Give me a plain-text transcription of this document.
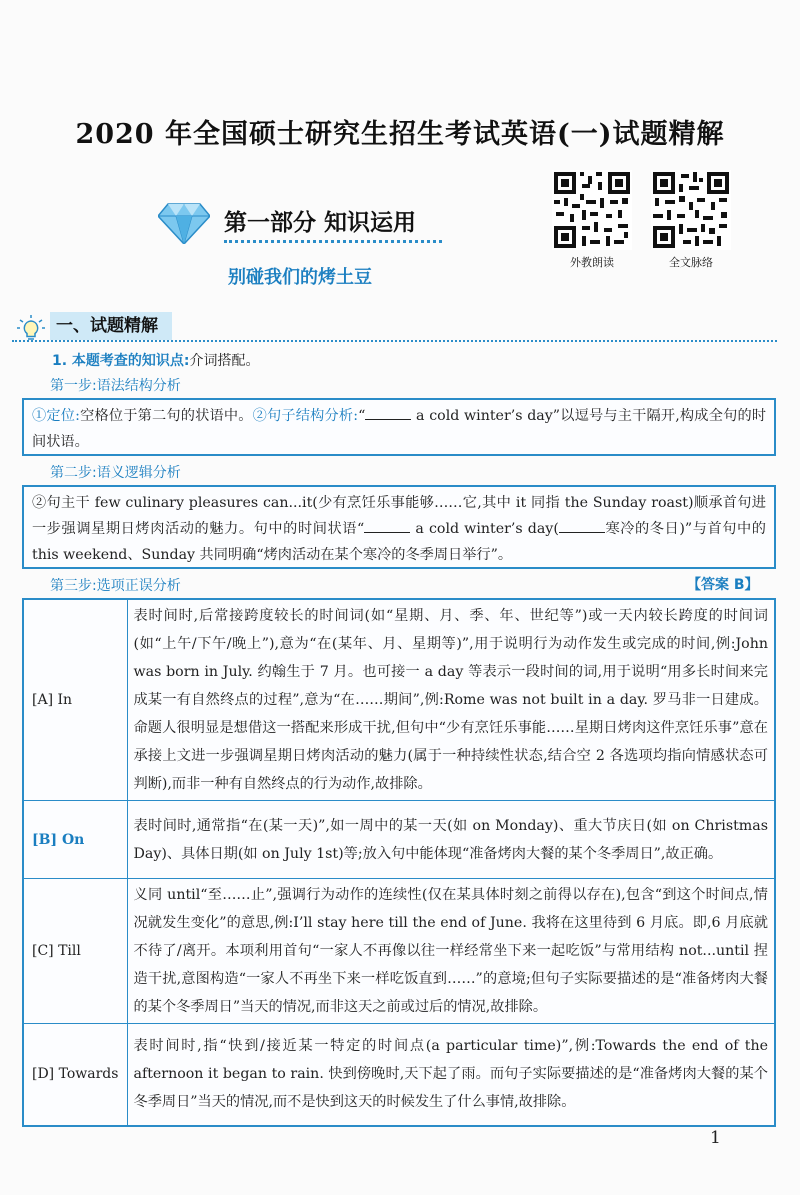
2020 年全国硕士研究生招生考试英语(一)试题精解
第一部分 知识运用
别碰我们的烤土豆
外教朗读	全文脉络
一、试题精解
1. 本题考查的知识点:介词搭配。
第一步:语法结构分析
①定位:空格位于第二句的状语中。②句子结构分析:“	a cold winter’s day”以逗号与主干隔开,构成全句的时间状语。
第二步:语义逻辑分析
②句主干 few culinary pleasures can...it(少有烹饪乐事能够……它,其中 it 同指 the Sunday roast)顺承首句进一步强调星期日烤肉活动的魅力。句中的时间状语“	a cold winter’s day(	寒冷的冬日)”与首句中的 this weekend、Sunday 共同明确“烤肉活动在某个寒冷的冬季周日举行”。
第三步:选项正误分析	【答案 B】
[A] In	表时间时,后常接跨度较长的时间词(如“星期、月、季、年、世纪等”)或一天内较长跨度的时间词(如“上午/下午/晚上”),意为“在(某年、月、星期等)”,用于说明行为动作发生或完成的时间,例:John was born in July. 约翰生于 7 月。也可接一 a day 等表示一段时间的词,用于说明“用多长时间来完成某一有自然终点的过程”,意为“在……期间”,例:Rome was not built in a day. 罗马非一日建成。命题人很明显是想借这一搭配来形成干扰,但句中“少有烹饪乐事能……星期日烤肉这件烹饪乐事”意在承接上文进一步强调星期日烤肉活动的魅力(属于一种持续性状态,结合空 2 各选项均指向情感状态可判断),而非一种有自然终点的行为动作,故排除。
[B] On	表时间时,通常指“在(某一天)”,如一周中的某一天(如 on Monday)、重大节庆日(如 on Christmas Day)、具体日期(如 on July 1st)等;放入句中能体现“准备烤肉大餐的某个冬季周日”,故正确。
[C] Till	义同 until“至……止”,强调行为动作的连续性(仅在某具体时刻之前得以存在),包含“到这个时间点,情况就发生变化”的意思,例:I’ll stay here till the end of June. 我将在这里待到 6 月底。即,6 月底就不待了/离开。本项利用首句“一家人不再像以往一样经常坐下来一起吃饭”与常用结构 not...until 捏造干扰,意图构造“一家人不再坐下来一样吃饭直到……”的意境;但句子实际要描述的是“准备烤肉大餐的某个冬季周日”当天的情况,而非这天之前或过后的情况,故排除。
[D] Towards	表时间时,指“快到/接近某一特定的时间点(a particular time)”,例:Towards the end of the afternoon it began to rain. 快到傍晚时,天下起了雨。而句子实际要描述的是“准备烤肉大餐的某个冬季周日”当天的情况,而不是快到这天的时候发生了什么事情,故排除。
1
